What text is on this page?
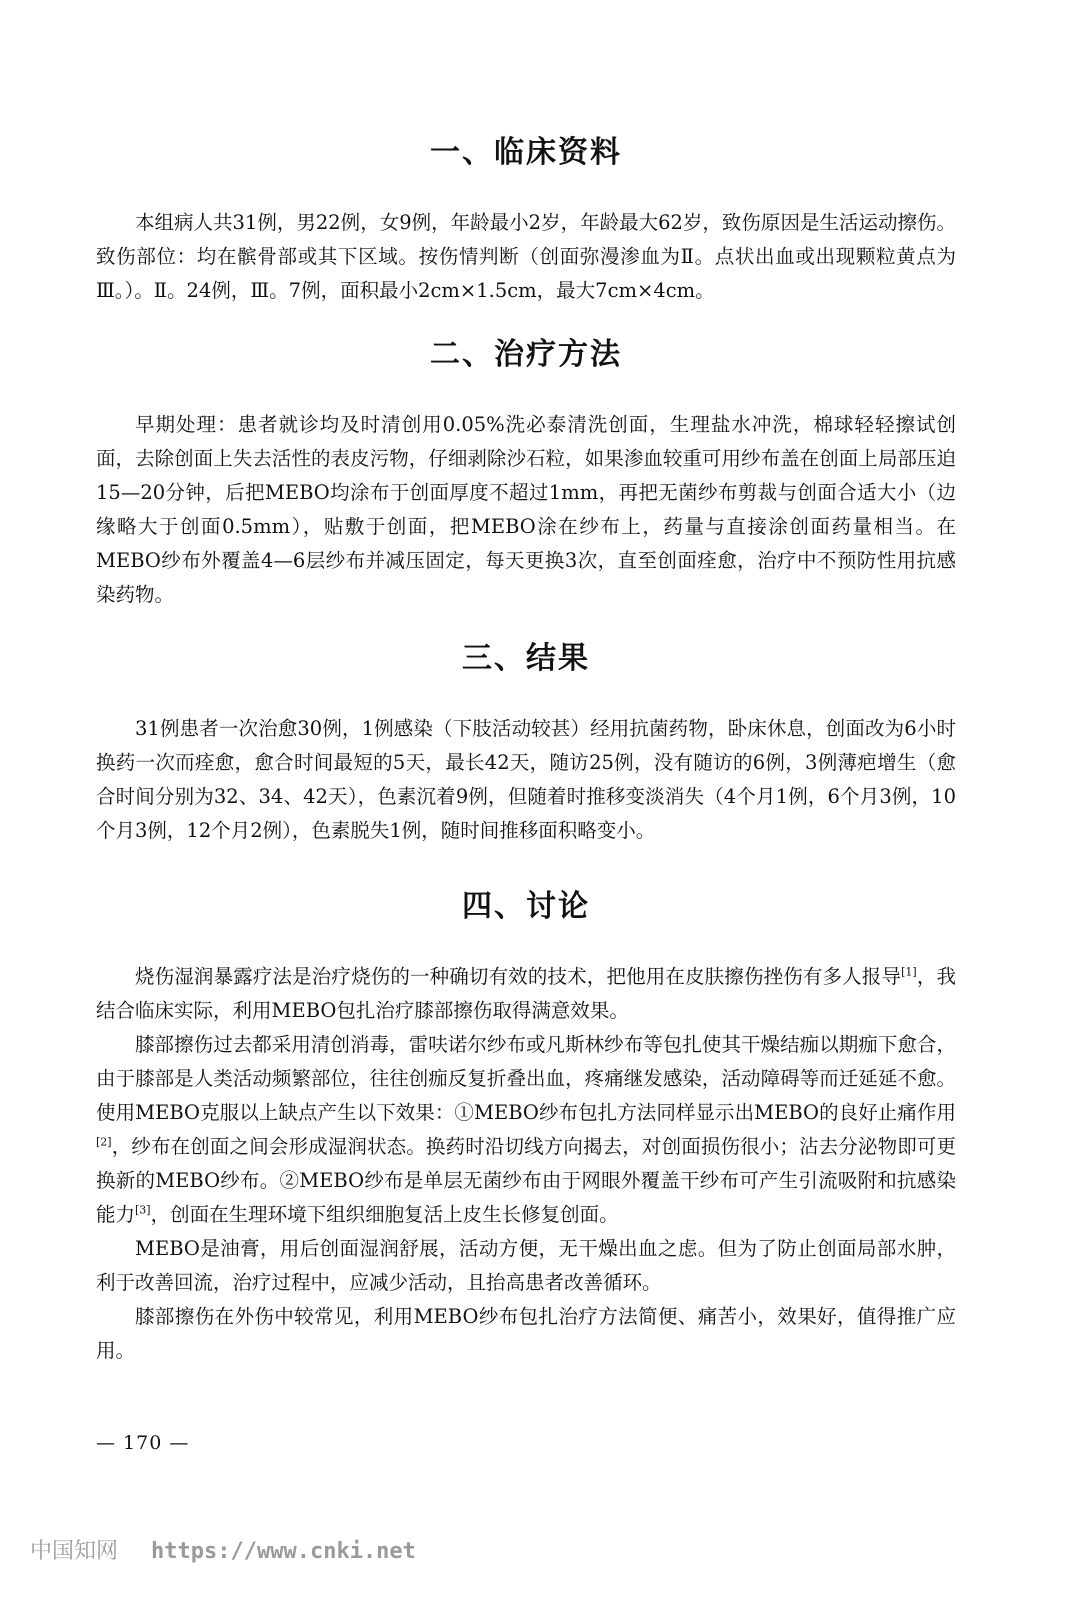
一、临床资料

本组病人共31例，男22例，女9例，年龄最小2岁，年龄最大62岁，致伤原因是生活运动擦伤。致伤部位：均在髌骨部或其下区域。按伤情判断（创面弥漫渗血为Ⅱ。点状出血或出现颗粒黄点为Ⅲ。）。Ⅱ。24例，Ⅲ。7例，面积最小2cm×1.5cm，最大7cm×4cm。

二、治疗方法

早期处理：患者就诊均及时清创用0.05%洗必泰清洗创面，生理盐水冲洗，棉球轻轻擦试创面，去除创面上失去活性的表皮污物，仔细剥除沙石粒，如果渗血较重可用纱布盖在创面上局部压迫15—20分钟，后把MEBO均涂布于创面厚度不超过1mm，再把无菌纱布剪裁与创面合适大小（边缘略大于创面0.5mm），贴敷于创面，把MEBO涂在纱布上，药量与直接涂创面药量相当。在MEBO纱布外覆盖4—6层纱布并减压固定，每天更换3次，直至创面痊愈，治疗中不预防性用抗感染药物。

三、结果

31例患者一次治愈30例，1例感染（下肢活动较甚）经用抗菌药物，卧床休息，创面改为6小时换药一次而痊愈，愈合时间最短的5天，最长42天，随访25例，没有随访的6例，3例薄疤增生（愈合时间分别为32、34、42天），色素沉着9例，但随着时推移变淡消失（4个月1例，6个月3例，10个月3例，12个月2例），色素脱失1例，随时间推移面积略变小。

四、讨论

烧伤湿润暴露疗法是治疗烧伤的一种确切有效的技术，把他用在皮肤擦伤挫伤有多人报导[1]，我结合临床实际，利用MEBO包扎治疗膝部擦伤取得满意效果。

膝部擦伤过去都采用清创消毒，雷呋诺尔纱布或凡斯林纱布等包扎使其干燥结痂以期痂下愈合，由于膝部是人类活动频繁部位，往往创痂反复折叠出血，疼痛继发感染，活动障碍等而迁延延不愈。使用MEBO克服以上缺点产生以下效果：①MEBO纱布包扎方法同样显示出MEBO的良好止痛作用[2]，纱布在创面之间会形成湿润状态。换药时沿切线方向揭去，对创面损伤很小；沾去分泌物即可更换新的MEBO纱布。②MEBO纱布是单层无菌纱布由于网眼外覆盖干纱布可产生引流吸附和抗感染能力[3]，创面在生理环境下组织细胞复活上皮生长修复创面。

MEBO是油膏，用后创面湿润舒展，活动方便，无干燥出血之虑。但为了防止创面局部水肿，利于改善回流，治疗过程中，应减少活动，且抬高患者改善循环。

膝部擦伤在外伤中较常见，利用MEBO纱布包扎治疗方法简便、痛苦小，效果好，值得推广应用。

— 170 —
中国知网 https://www.cnki.net
